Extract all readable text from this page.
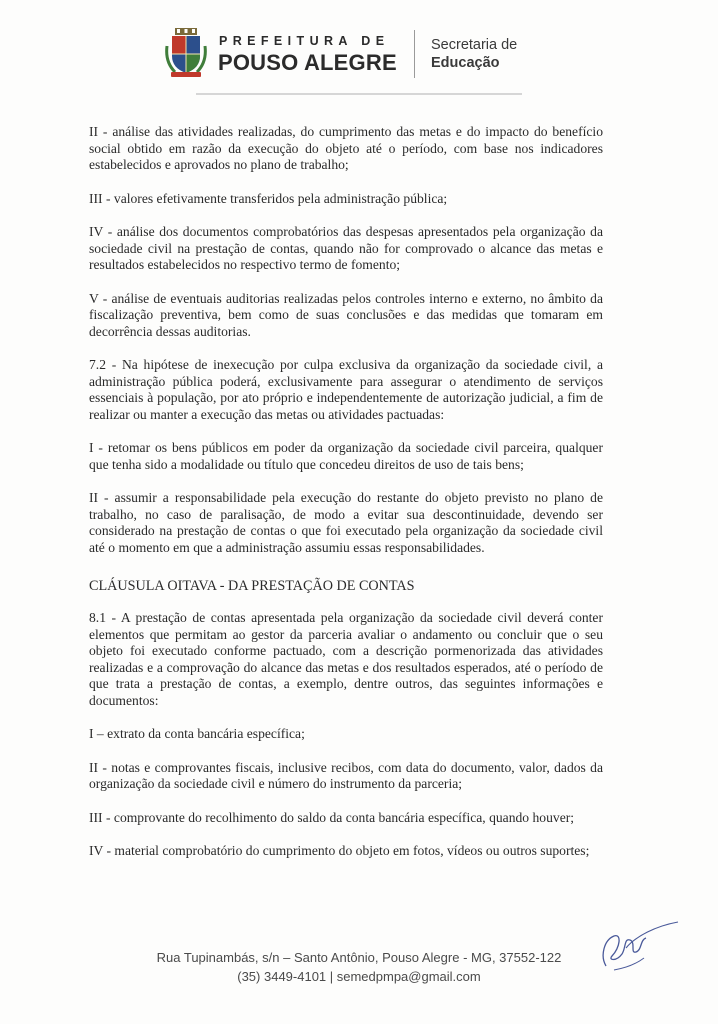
PREFEITURA DE
POUSO ALEGRE
Secretaria de
Educação

II - análise das atividades realizadas, do cumprimento das metas e do impacto do benefício social obtido em razão da execução do objeto até o período, com base nos indicadores estabelecidos e aprovados no plano de trabalho;

III - valores efetivamente transferidos pela administração pública;

IV - análise dos documentos comprobatórios das despesas apresentados pela organização da sociedade civil na prestação de contas, quando não for comprovado o alcance das metas e resultados estabelecidos no respectivo termo de fomento;

V - análise de eventuais auditorias realizadas pelos controles interno e externo, no âmbito da fiscalização preventiva, bem como de suas conclusões e das medidas que tomaram em decorrência dessas auditorias.

7.2 - Na hipótese de inexecução por culpa exclusiva da organização da sociedade civil, a administração pública poderá, exclusivamente para assegurar o atendimento de serviços essenciais à população, por ato próprio e independentemente de autorização judicial, a fim de realizar ou manter a execução das metas ou atividades pactuadas:

I - retomar os bens públicos em poder da organização da sociedade civil parceira, qualquer que tenha sido a modalidade ou título que concedeu direitos de uso de tais bens;

II - assumir a responsabilidade pela execução do restante do objeto previsto no plano de trabalho, no caso de paralisação, de modo a evitar sua descontinuidade, devendo ser considerado na prestação de contas o que foi executado pela organização da sociedade civil até o momento em que a administração assumiu essas responsabilidades.

CLÁUSULA OITAVA - DA PRESTAÇÃO DE CONTAS

8.1 - A prestação de contas apresentada pela organização da sociedade civil deverá conter elementos que permitam ao gestor da parceria avaliar o andamento ou concluir que o seu objeto foi executado conforme pactuado, com a descrição pormenorizada das atividades realizadas e a comprovação do alcance das metas e dos resultados esperados, até o período de que trata a prestação de contas, a exemplo, dentre outros, das seguintes informações e documentos:

I – extrato da conta bancária específica;

II - notas e comprovantes fiscais, inclusive recibos, com data do documento, valor, dados da organização da sociedade civil e número do instrumento da parceria;

III - comprovante do recolhimento do saldo da conta bancária específica, quando houver;

IV - material comprobatório do cumprimento do objeto em fotos, vídeos ou outros suportes;

Rua Tupinambás, s/n – Santo Antônio, Pouso Alegre - MG, 37552-122
(35) 3449-4101 | semedpmpa@gmail.com
